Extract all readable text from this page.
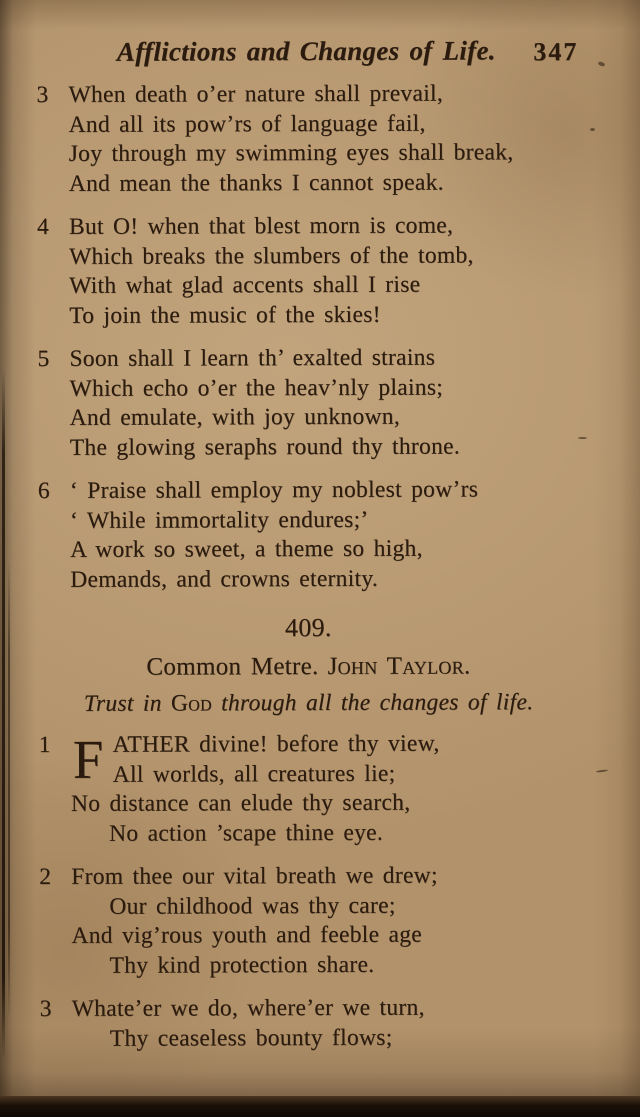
Afflictions and Changes of Life. 347
3 When death o’er nature shall prevail,
And all its pow’rs of language fail,
Joy through my swimming eyes shall break,
And mean the thanks I cannot speak.
4 But O! when that blest morn is come,
Which breaks the slumbers of the tomb,
With what glad accents shall I rise
To join the music of the skies!
5 Soon shall I learn th’ exalted strains
Which echo o’er the heav’nly plains;
And emulate, with joy unknown,
The glowing seraphs round thy throne.
6 ‘ Praise shall employ my noblest pow’rs
‘ While immortality endures;’
A work so sweet, a theme so high,
Demands, and crowns eternity.
409.
Common Metre. John Taylor.
Trust in God through all the changes of life.
1 F ATHER divine! before thy view,
All worlds, all creatures lie;
No distance can elude thy search,
No action ’scape thine eye.
2 From thee our vital breath we drew;
Our childhood was thy care;
And vig’rous youth and feeble age
Thy kind protection share.
3 Whate’er we do, where’er we turn,
Thy ceaseless bounty flows;
